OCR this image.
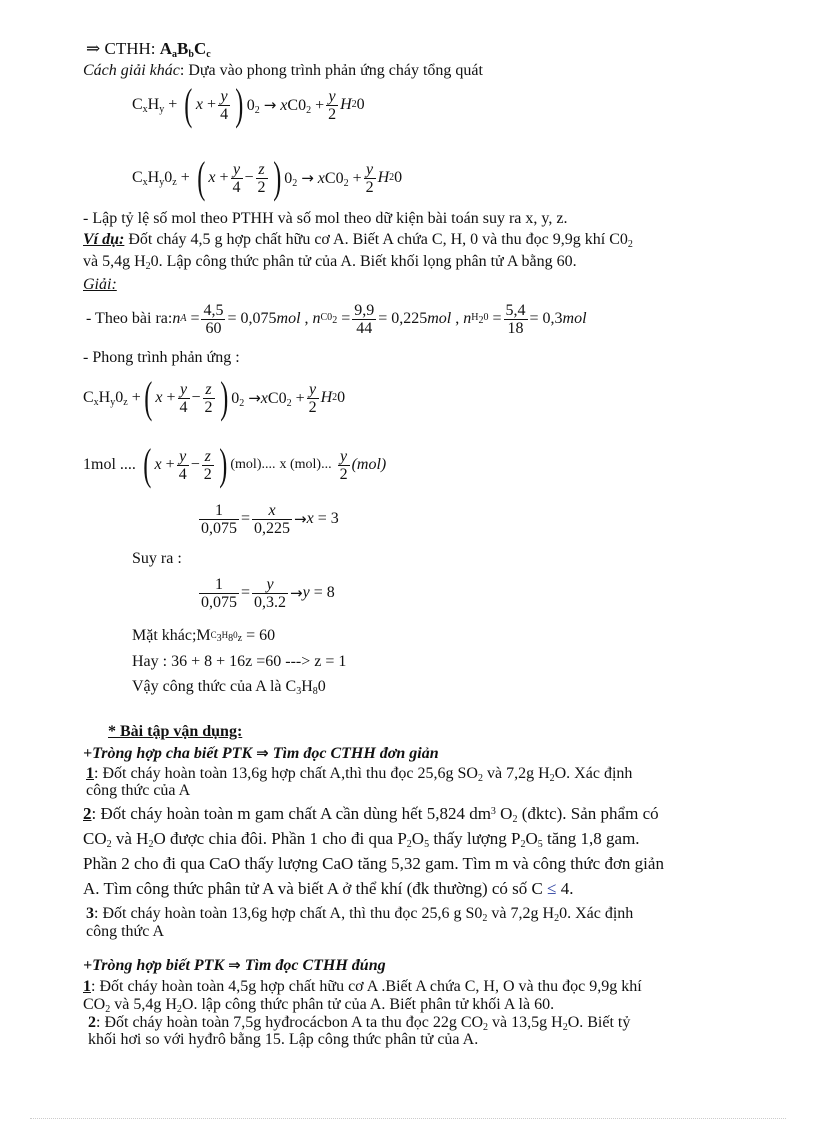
⇒ CTHH: $A_aB_bC_c$
Cách giải khác: Dựa vào phong trình phản ứng cháy tổng quát
$C_xH_y$ + ( $x + \frac{y}{4}$ ) $0_2 \to xC0_2 + \frac{y}{2}$ H 2 0
$C_xH_y0_z$ + ( $x + \frac{y}{4} - \frac{z}{2}$ ) $0_2 \to xC0_2 + \frac{y}{2}$ H 2 0
- Lập tỷ lệ số mol theo PTHH và số mol theo dữ kiện bài toán suy ra x, y, z.
Ví dụ: Đốt cháy 4,5 g hợp chất hữu cơ A. Biết A chứa C, H, 0 và thu đọc 9,9g khí $C0_2$
và 5,4g $H_20$. Lập công thức phân tử của A. Biết khối lọng phân tử A bằng 60.
Giải:
- Theo bài ra: n $A = \frac{4,5}{60} = 0,075$ mol , n $C0_2 = \frac{9,9}{44} = 0,225$ mol , n $H_20 = \frac{5,4}{18} = 0,3$ mol
- Phong trình phản ứng :
$C_xH_y0_z$ + ( $x + \frac{y}{4} - \frac{z}{2}$ ) $0_2 \to xC0_2 + \frac{y}{2}$ H 2 0
1mol ....
( $x + \frac{y}{4} - \frac{z}{2}$ ) (mol)....
x (mol)...
$\frac{y}{2} (mol)$
$\frac{1}{0,075} = \frac{x}{0,225} \to x = 3$
Suy ra :
$\frac{1}{0,075} = \frac{y}{0,3.2} \to y = 8$
Mặt $khác;MC_3H_80_z = 60$
Hay : 36 + 8 + 16z =60 ---> z = 1
Vậy công thức của A là $C_3H_80$
* Bài tập vận dụng:
+Tròng hợp cha biết PTK ⇒ Tìm đọc CTHH đơn giản
1: Đốt cháy hoàn toàn 13,6g hợp chất A,thì thu đọc 25,6g $SO_2$ và 7,2g $H_2O$. Xác định
công thức của A
2: Đốt cháy hoàn toàn m gam chất A cần dùng hết 5,824 $dm^3$ $O_2$ (đktc). Sản phẩm có
$CO_2$ và $H_2O$ được chia đôi. Phần 1 cho đi qua $P_2O_5$ thấy lượng $P_2O_5$ tăng 1,8 gam.
Phần 2 cho đi qua CaO thấy lượng CaO tăng 5,32 gam. Tìm m và công thức đơn giản
A. Tìm công thức phân tử A và biết A ở thể khí (đk thường) có số C ≤ 4.
3: Đốt cháy hoàn toàn 13,6g hợp chất A, thì thu đọc 25,6 g $S0_2$ và 7,2g $H_20$. Xác định
công thức A
+Tròng hợp biết PTK ⇒ Tìm đọc CTHH đúng
1: Đốt cháy hoàn toàn 4,5g hợp chất hữu cơ A .Biết A chứa C, H, O và thu đọc 9,9g khí
$CO_2$ và 5,4g $H_2O$. lập công thức phân tử của A. Biết phân tử khối A là 60.
2: Đốt cháy hoàn toàn 7,5g hyđrocácbon A ta thu đọc 22g $CO_2$ và 13,5g $H_2O$. Biết tỷ
khối hơi so với hyđrô bằng 15. Lập công thức phân tử của A.
